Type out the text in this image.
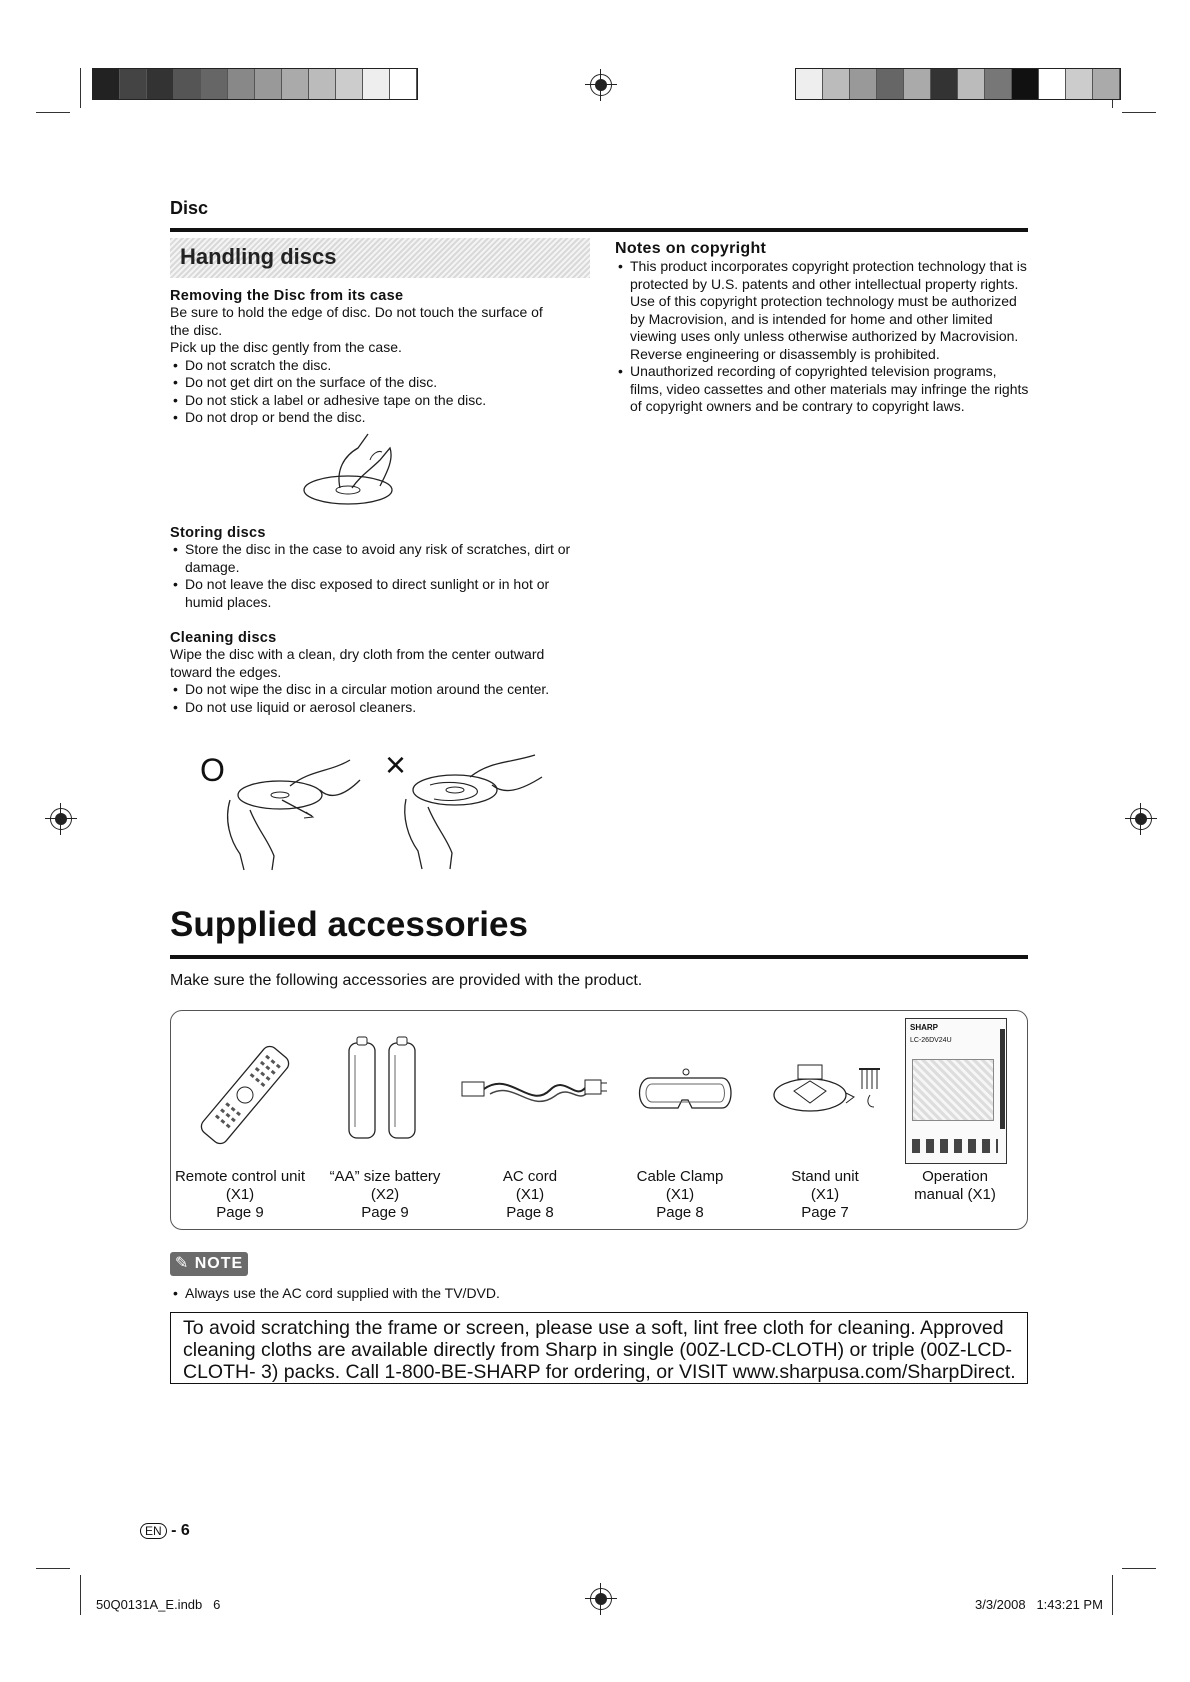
Disc
Handling discs

Removing the Disc from its case

Be sure to hold the edge of disc. Do not touch the surface of

the disc.

Pick up the disc gently from the case.

• Do not scratch the disc.
• Do not get dirt on the surface of the disc.
• Do not stick a label or adhesive tape on the disc.
• Do not drop or bend the disc.

Storing discs

• Store the disc in the case to avoid any risk of scratches, dirt or damage.
• Do not leave the disc exposed to direct sunlight or in hot or humid places.

Cleaning discs

Wipe the disc with a clean, dry cloth from the center outward

toward the edges.

• Do not wipe the disc in a circular motion around the center.
• Do not use liquid or aerosol cleaners.
O	×

Notes on copyright

• This product incorporates copyright protection technology that is protected by U.S. patents and other intellectual property rights. Use of this copyright protection technology must be authorized by Macrovision, and is intended for home and other limited viewing uses only unless otherwise authorized by Macrovision. Reverse engineering or disassembly is prohibited.
• Unauthorized recording of copyrighted television programs, films, video cassettes and other materials may infringe the rights of copyright owners and be contrary to copyright laws.
Supplied accessories
Make sure the following accessories are provided with the product.
SHARP
LC-26DV24U
Remote control unit
(X1)
Page 9
“AA” size battery
(X2)
Page 9
AC cord
(X1)
Page 8
Cable Clamp
(X1)
Page 8
Stand unit
(X1)
Page 7
Operation
manual (X1)
✎ NOTE
• Always use the AC cord supplied with the TV/DVD.
To avoid scratching the frame or screen, please use a soft, lint free cloth for cleaning. Approved
cleaning cloths are available directly from Sharp in single (00Z-LCD-CLOTH) or triple (00Z-LCD-
CLOTH- 3) packs. Call 1-800-BE-SHARP for ordering, or VISIT www.sharpusa.com/SharpDirect.
EN - 6
50Q0131A_E.indb   6	3/3/2008   1:43:21 PM
